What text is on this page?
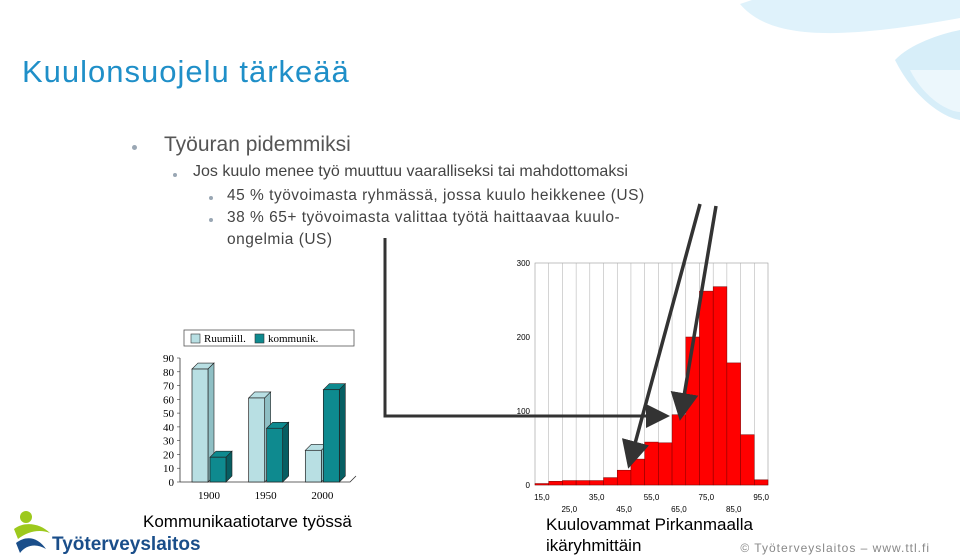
Kuulonsuojelu tärkeää
Työuran pidemmiksi
Jos kuulo menee työ muuttuu vaaralliseksi tai mahdottomaksi
45 % työvoimasta ryhmässä, jossa kuulo heikkenee (US)
38 % 65+ työvoimasta valittaa työtä haittaavaa kuulo-
ongelmia (US)
Ruumiill. kommunik.
0
10
20
30
40
50
60
70
80
90
1900	1950	2000
Kommunikaatiotarve työssä
0
100
200
300
15,0	35,0	55,0	75,0	95,0
25,0	45,0	65,0	85,0
Kuulovammat Pirkanmaalla
ikäryhmittäin
Työterveyslaitos	© Työterveyslaitos – www.ttl.fi
